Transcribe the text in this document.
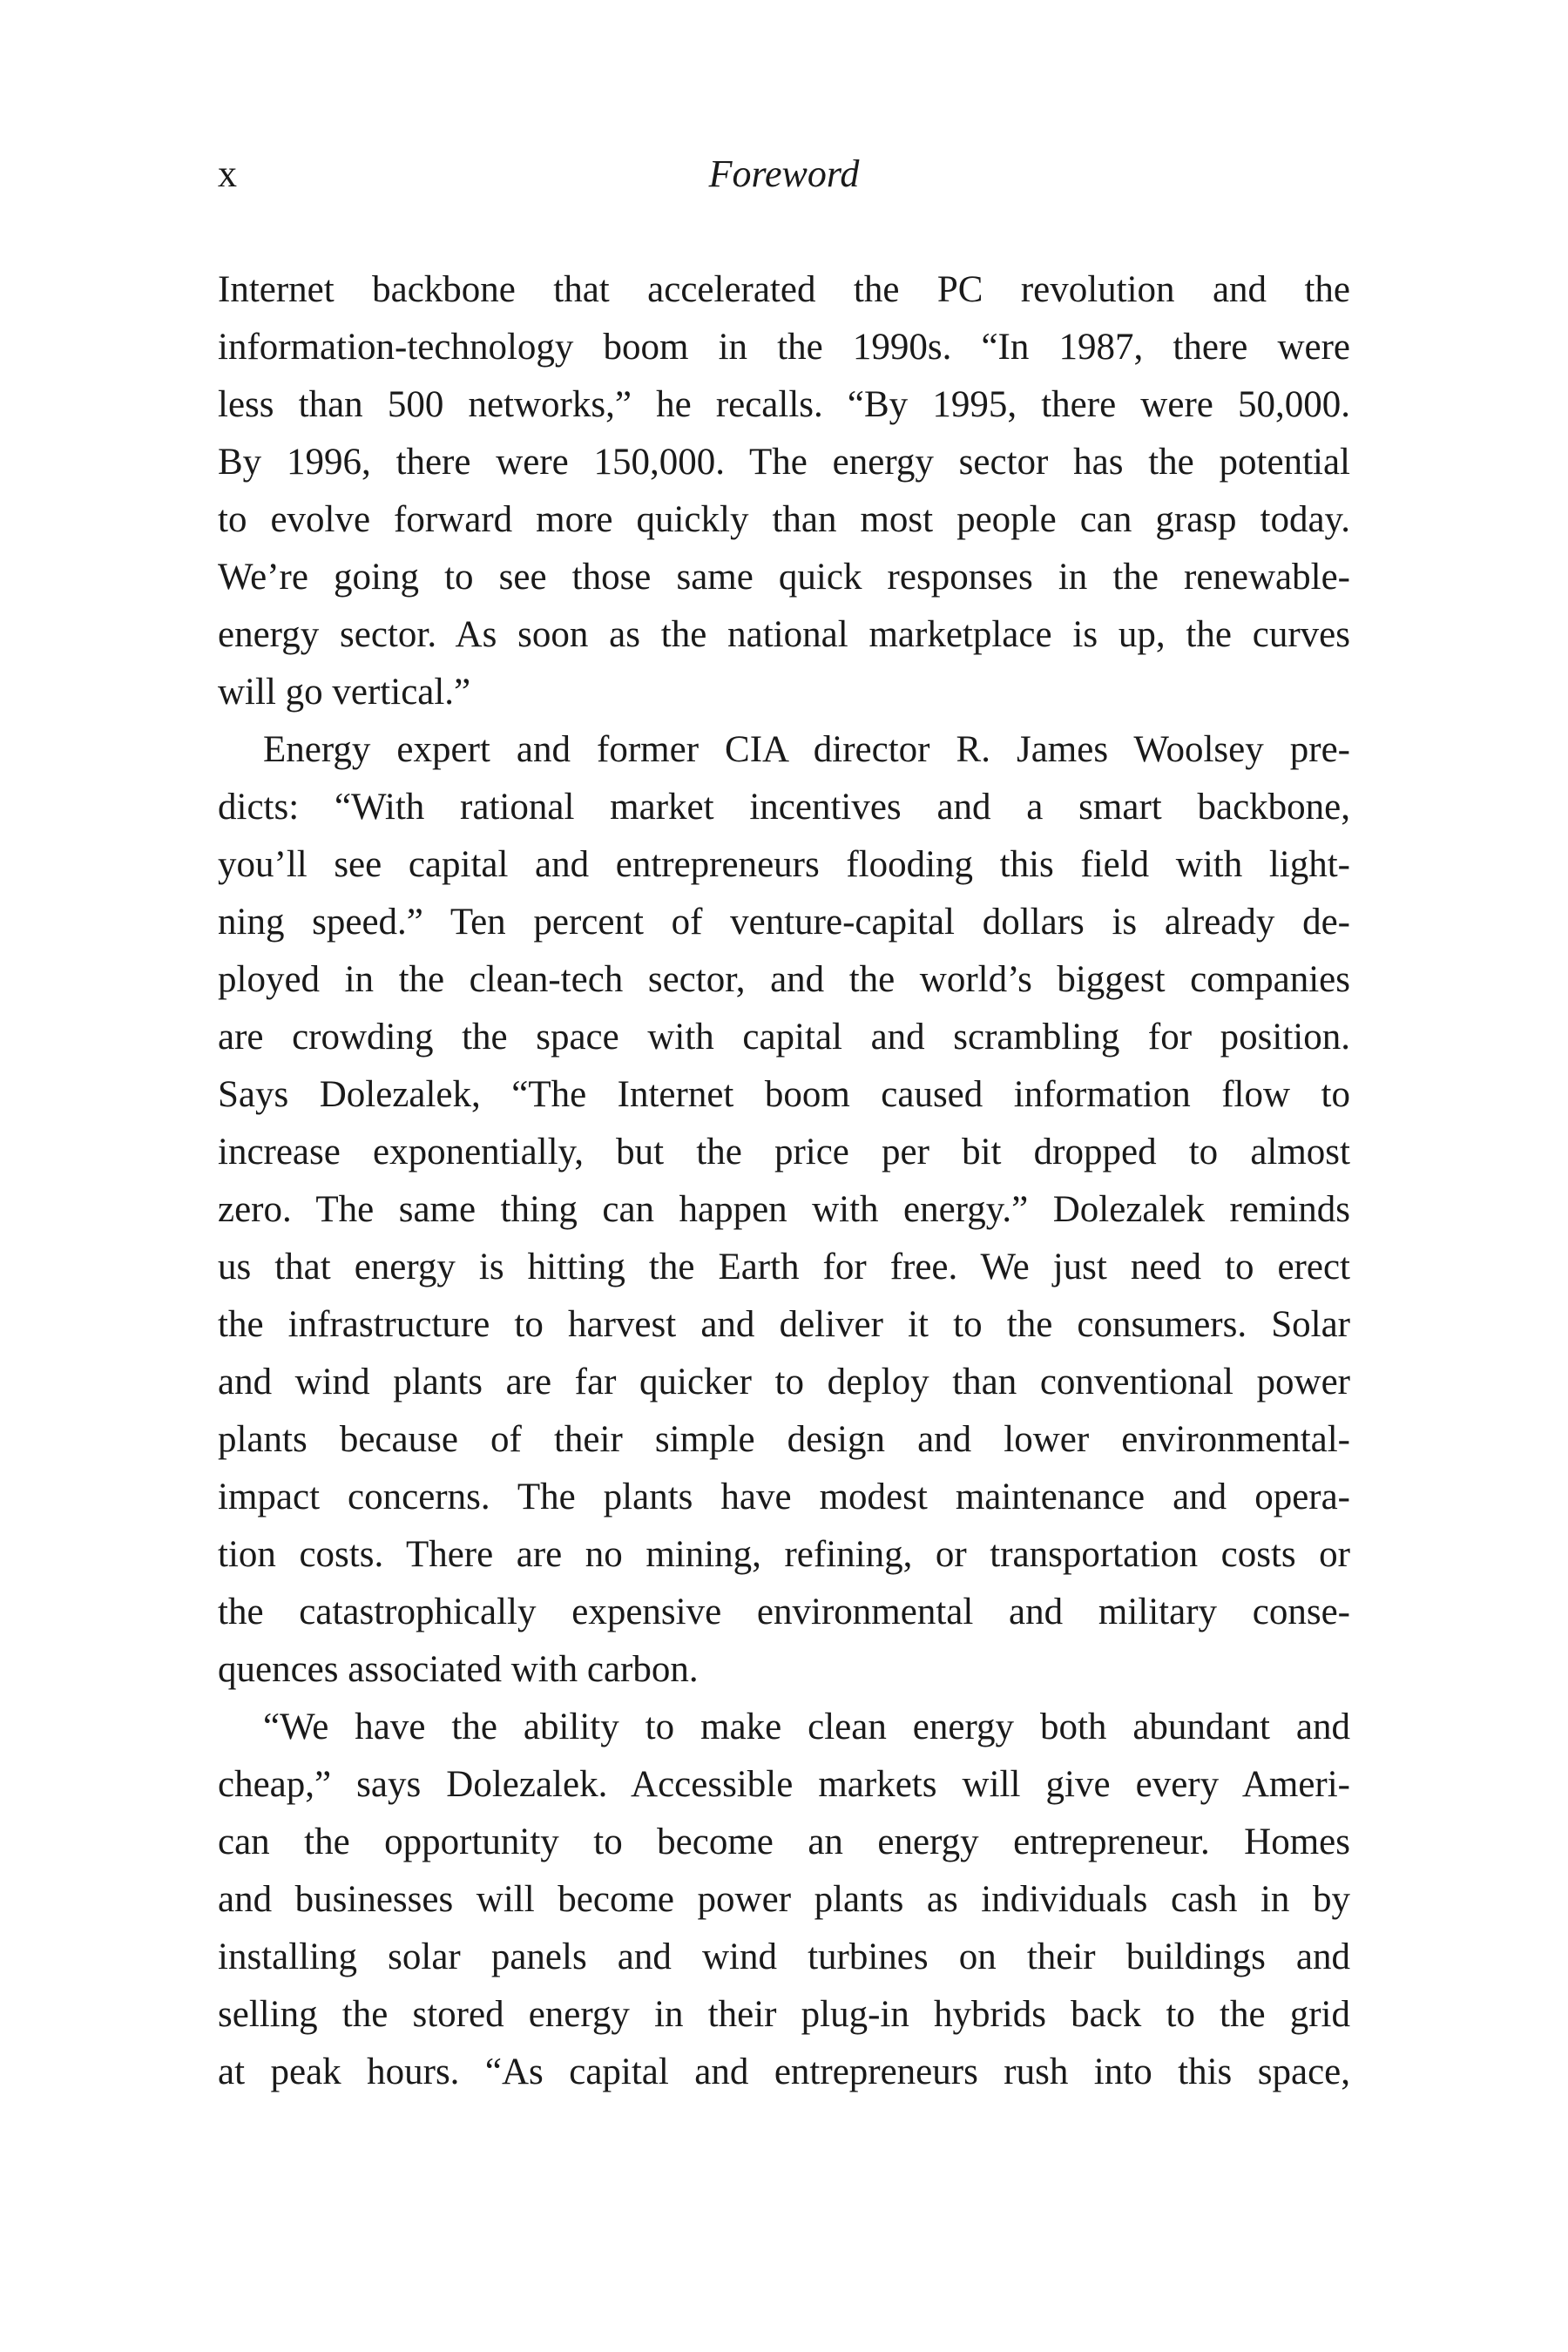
x	Foreword
Internet backbone that accelerated the PC revolution and the
information-technology boom in the 1990s. “In 1987, there were
less than 500 networks,” he recalls. “By 1995, there were 50,000.
By 1996, there were 150,000. The energy sector has the potential
to evolve forward more quickly than most people can grasp today.
We’re going to see those same quick responses in the renewable-
energy sector. As soon as the national marketplace is up, the curves
will go vertical.”
Energy expert and former CIA director R. James Woolsey pre-
dicts: “With rational market incentives and a smart backbone,
you’ll see capital and entrepreneurs flooding this field with light-
ning speed.” Ten percent of venture-capital dollars is already de-
ployed in the clean-tech sector, and the world’s biggest companies
are crowding the space with capital and scrambling for position.
Says Dolezalek, “The Internet boom caused information flow to
increase exponentially, but the price per bit dropped to almost
zero. The same thing can happen with energy.” Dolezalek reminds
us that energy is hitting the Earth for free. We just need to erect
the infrastructure to harvest and deliver it to the consumers. Solar
and wind plants are far quicker to deploy than conventional power
plants because of their simple design and lower environmental-
impact concerns. The plants have modest maintenance and opera-
tion costs. There are no mining, refining, or transportation costs or
the catastrophically expensive environmental and military conse-
quences associated with carbon.
“We have the ability to make clean energy both abundant and
cheap,” says Dolezalek. Accessible markets will give every Ameri-
can the opportunity to become an energy entrepreneur. Homes
and businesses will become power plants as individuals cash in by
installing solar panels and wind turbines on their buildings and
selling the stored energy in their plug-in hybrids back to the grid
at peak hours. “As capital and entrepreneurs rush into this space,
